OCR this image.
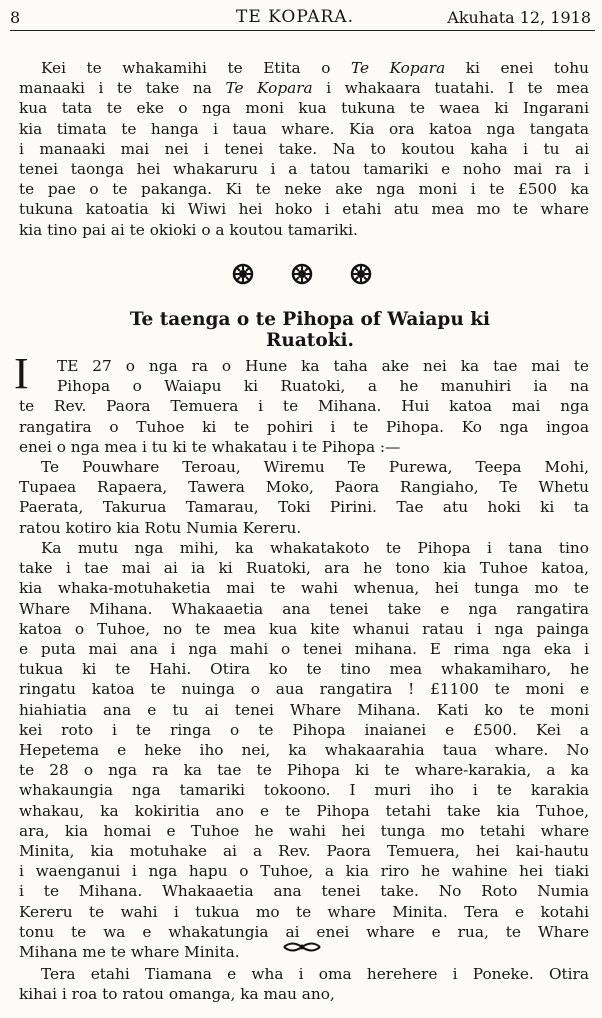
8	TE KOPARA.	Akuhata 12, 1918
Kei te whakamihi te Etita o Te Kopara ki enei tohu
manaaki i te take na Te Kopara i whakaara tuatahi. I te mea
kua tata te eke o nga moni kua tukuna te waea ki Ingarani
kia timata te hanga i taua whare. Kia ora katoa nga tangata
i manaaki mai nei i tenei take. Na to koutou kaha i tu ai
tenei taonga hei whakaruru i a tatou tamariki e noho mai ra i
te pae o te pakanga. Ki te neke ake nga moni i te £500 ka
tukuna katoatia ki Wiwi hei hoko i etahi atu mea mo te whare
kia tino pai ai te okioki o a koutou tamariki.
Te taenga o te Pihopa of Waiapu ki
Ruatoki.
I	TE 27 o nga ra o Hune ka taha ake nei ka tae mai te
Pihopa o Waiapu ki Ruatoki, a he manuhiri ia na
te Rev. Paora Temuera i te Mihana. Hui katoa mai nga
rangatira o Tuhoe ki te pohiri i te Pihopa. Ko nga ingoa
enei o nga mea i tu ki te whakatau i te Pihopa :—
Te Pouwhare Teroau, Wiremu Te Purewa, Teepa Mohi,
Tupaea Rapaera, Tawera Moko, Paora Rangiaho, Te Whetu
Paerata, Takurua Tamarau, Toki Pirini. Tae atu hoki ki ta
ratou kotiro kia Rotu Numia Kereru.
Ka mutu nga mihi, ka whakatakoto te Pihopa i tana tino
take i tae mai ai ia ki Ruatoki, ara he tono kia Tuhoe katoa,
kia whaka-motuhaketia mai te wahi whenua, hei tunga mo te
Whare Mihana. Whakaaetia ana tenei take e nga rangatira
katoa o Tuhoe, no te mea kua kite whanui ratau i nga painga
e puta mai ana i nga mahi o tenei mihana. E rima nga eka i
tukua ki te Hahi. Otira ko te tino mea whakamiharo, he
ringatu katoa te nuinga o aua rangatira ! £1100 te moni e
hiahiatia ana e tu ai tenei Whare Mihana. Kati ko te moni
kei roto i te ringa o te Pihopa inaianei e £500. Kei a
Hepetema e heke iho nei, ka whakaarahia taua whare. No
te 28 o nga ra ka tae te Pihopa ki te whare-karakia, a ka
whakaungia nga tamariki tokoono. I muri iho i te karakia
whakau, ka kokiritia ano e te Pihopa tetahi take kia Tuhoe,
ara, kia homai e Tuhoe he wahi hei tunga mo tetahi whare
Minita, kia motuhake ai a Rev. Paora Temuera, hei kai-hautu
i waenganui i nga hapu o Tuhoe, a kia riro he wahine hei tiaki
i te Mihana. Whakaaetia ana tenei take. No Roto Numia
Kereru te wahi i tukua mo te whare Minita. Tera e kotahi
tonu te wa e whakatungia ai enei whare e rua, te Whare
Mihana me te whare Minita.
Tera etahi Tiamana e wha i oma herehere i Poneke. Otira
kihai i roa to ratou omanga, ka mau ano,
